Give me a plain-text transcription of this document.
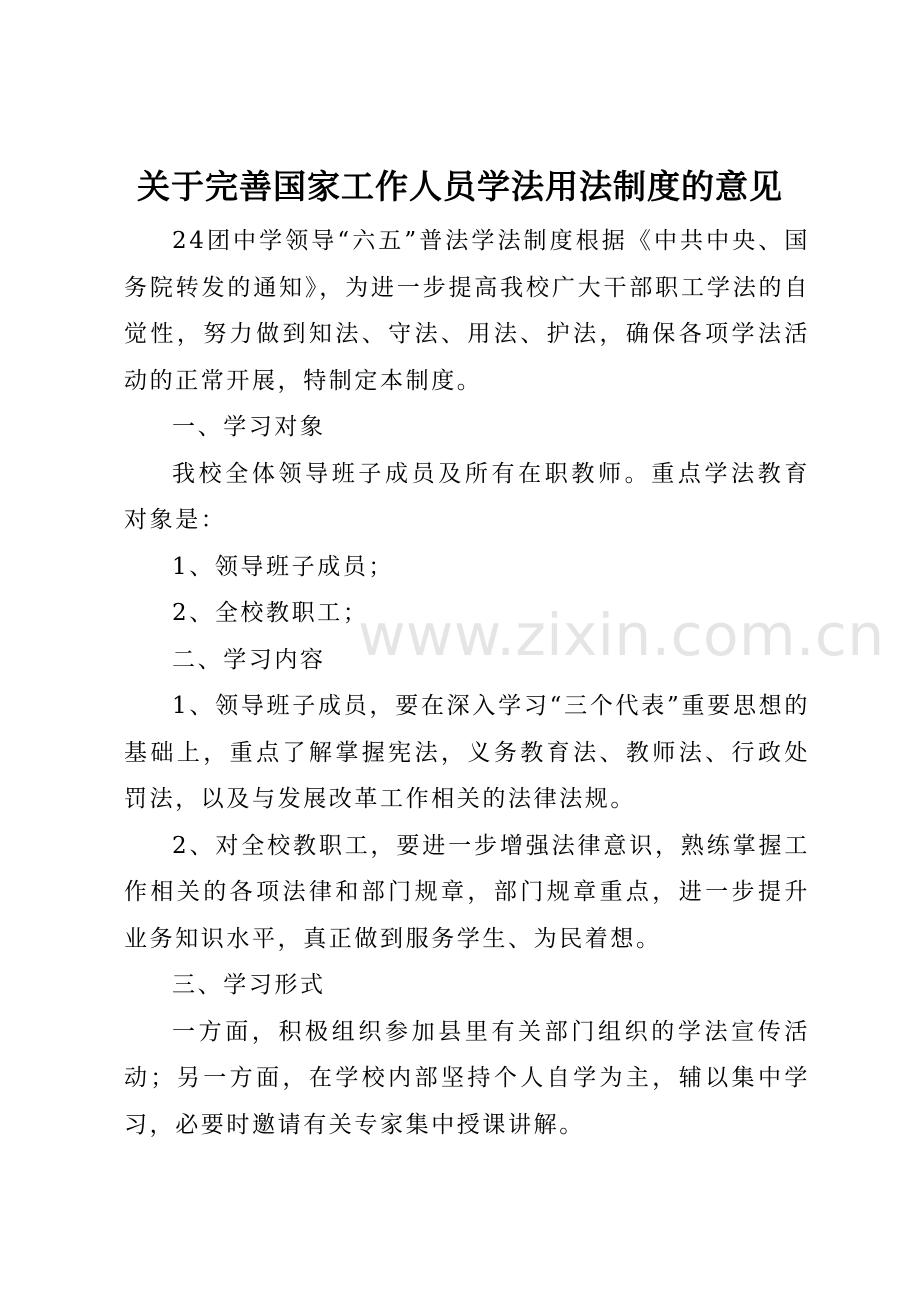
关于完善国家工作人员学法用法制度的意见

24团中学领导“六五”普法学法制度根据《中共中央、国务院转发的通知》，为进一步提高我校广大干部职工学法的自觉性，努力做到知法、守法、用法、护法，确保各项学法活动的正常开展，特制定本制度。

一、学习对象

我校全体领导班子成员及所有在职教师。重点学法教育对象是：

1、领导班子成员；

2、全校教职工；

二、学习内容

1、领导班子成员，要在深入学习“三个代表”重要思想的基础上，重点了解掌握宪法，义务教育法、教师法、行政处罚法，以及与发展改革工作相关的法律法规。

2、对全校教职工，要进一步增强法律意识，熟练掌握工作相关的各项法律和部门规章，部门规章重点，进一步提升业务知识水平，真正做到服务学生、为民着想。

三、学习形式

一方面，积极组织参加县里有关部门组织的学法宣传活动；另一方面，在学校内部坚持个人自学为主，辅以集中学习，必要时邀请有关专家集中授课讲解。

www.zixin.com.cn
